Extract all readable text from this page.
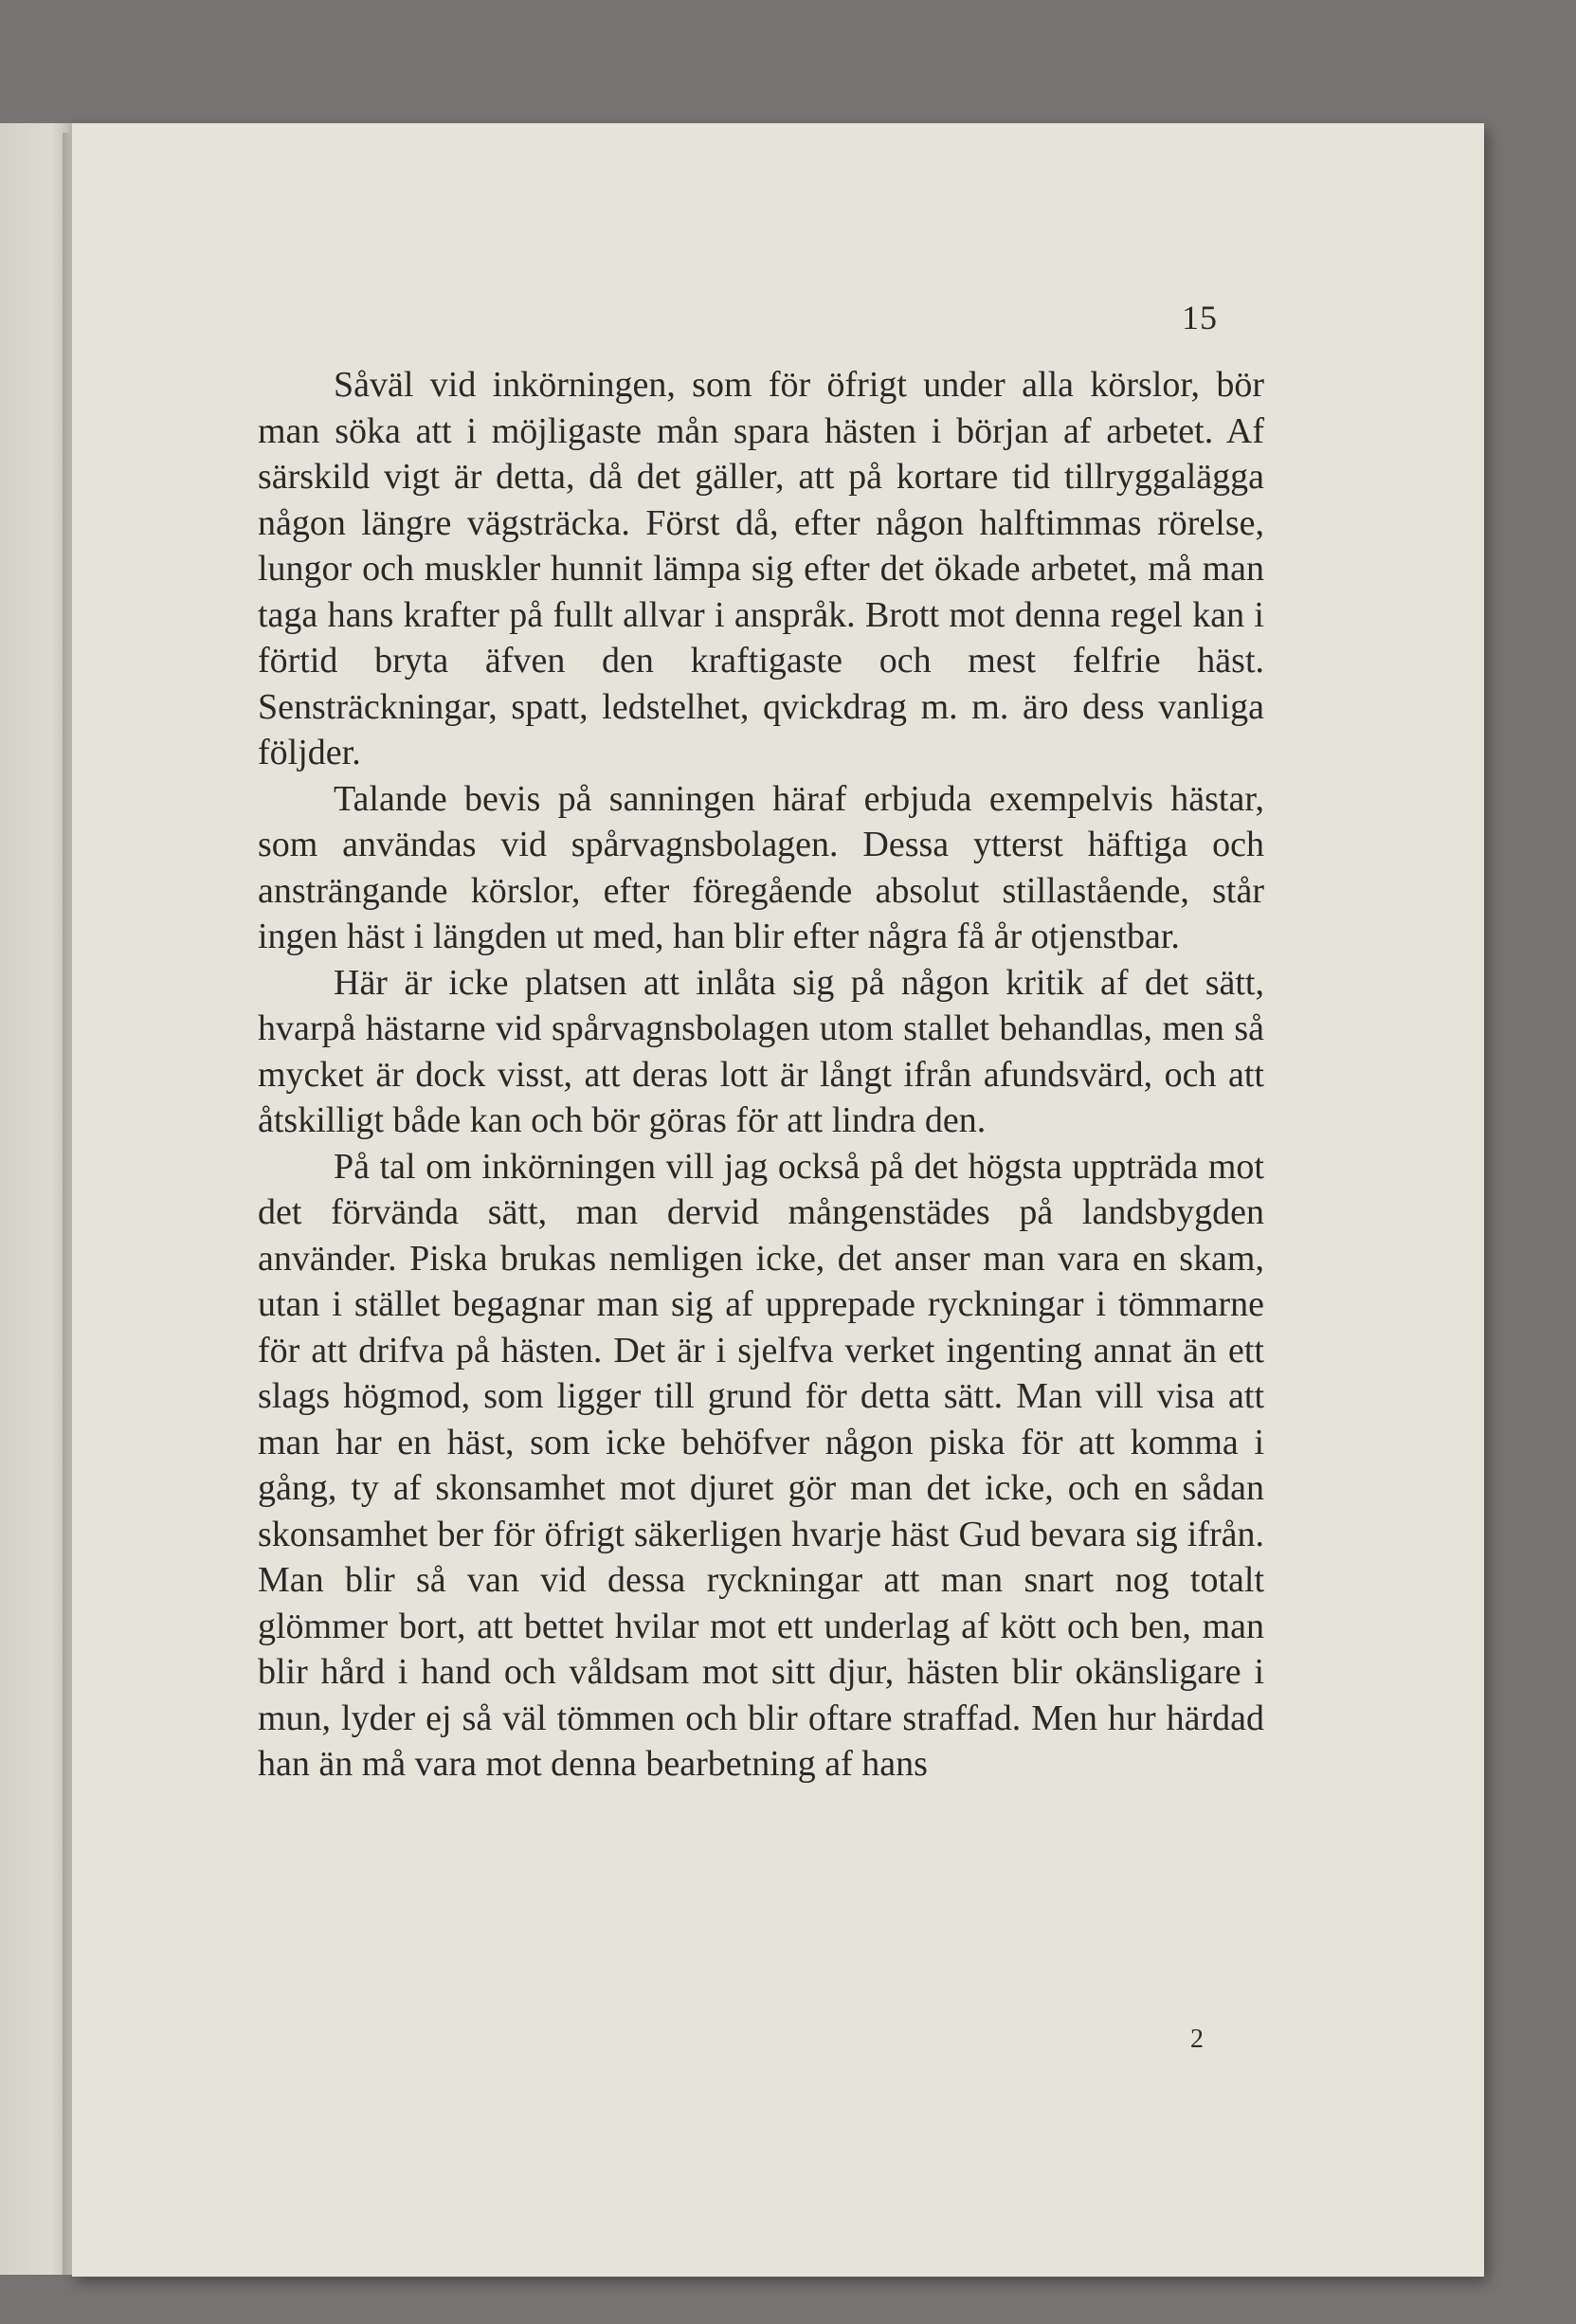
15

Såväl vid inkörningen, som för öfrigt under alla körslor, bör man söka att i möjligaste mån spara hästen i början af arbetet. Af särskild vigt är detta, då det gäller, att på kortare tid tillryggalägga någon längre vägsträcka. Först då, efter någon halftimmas rörelse, lungor och muskler hunnit lämpa sig efter det ökade arbetet, må man taga hans krafter på fullt allvar i anspråk. Brott mot denna regel kan i förtid bryta äfven den kraftigaste och mest felfrie häst. Sensträckningar, spatt, ledstelhet, qvickdrag m. m. äro dess vanliga följder.

Talande bevis på sanningen häraf erbjuda exempelvis hästar, som användas vid spårvagnsbolagen. Dessa ytterst häftiga och ansträngande körslor, efter föregående absolut stillastående, står ingen häst i längden ut med, han blir efter några få år otjenstbar.

Här är icke platsen att inlåta sig på någon kritik af det sätt, hvarpå hästarne vid spårvagnsbolagen utom stallet behandlas, men så mycket är dock visst, att deras lott är långt ifrån afundsvärd, och att åtskilligt både kan och bör göras för att lindra den.

På tal om inkörningen vill jag också på det högsta uppträda mot det förvända sätt, man dervid mångenstädes på landsbygden använder. Piska brukas nemligen icke, det anser man vara en skam, utan i stället begagnar man sig af upprepade ryckningar i tömmarne för att drifva på hästen. Det är i sjelfva verket ingenting annat än ett slags högmod, som ligger till grund för detta sätt. Man vill visa att man har en häst, som icke behöfver någon piska för att komma i gång, ty af skonsamhet mot djuret gör man det icke, och en sådan skonsamhet ber för öfrigt säkerligen hvarje häst Gud bevara sig ifrån. Man blir så van vid dessa ryckningar att man snart nog totalt glömmer bort, att bettet hvilar mot ett underlag af kött och ben, man blir hård i hand och våldsam mot sitt djur, hästen blir okänsligare i mun, lyder ej så väl tömmen och blir oftare straffad. Men hur härdad han än må vara mot denna bearbetning af hans

2
